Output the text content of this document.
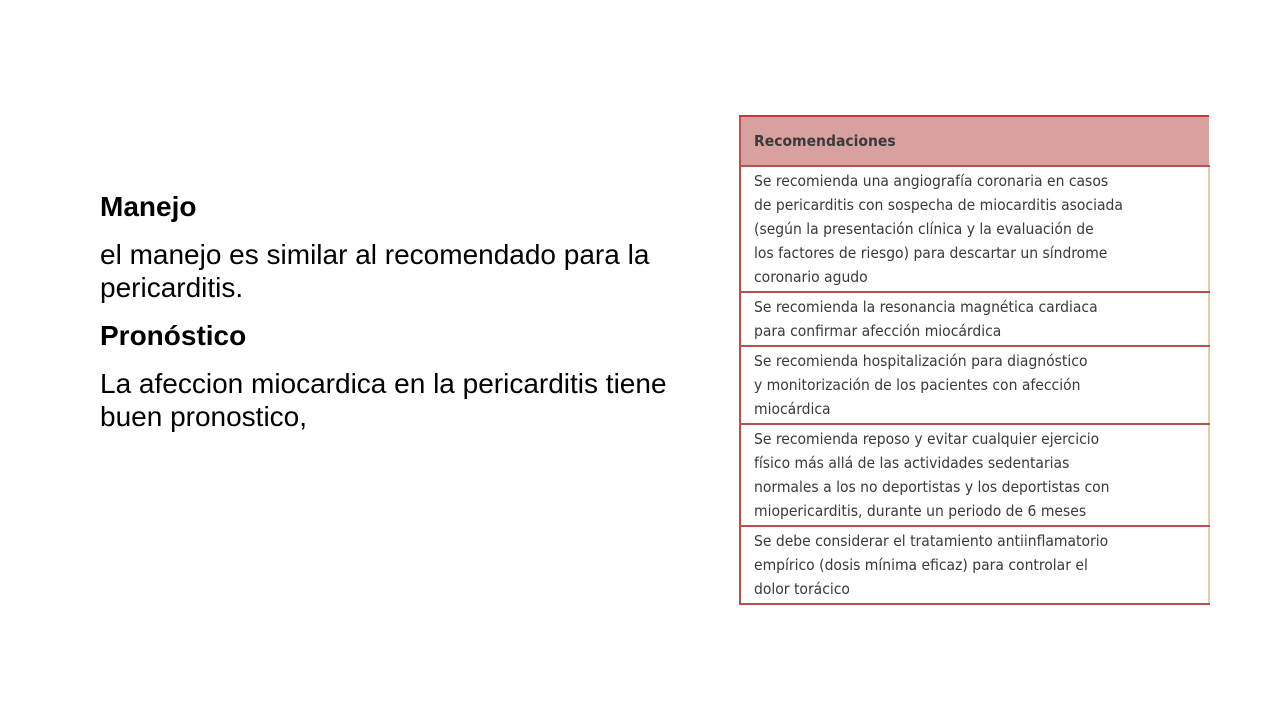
Manejo

el manejo es similar al recomendado para la pericarditis.

Pronóstico

La afeccion miocardica en la pericarditis tiene buen pronostico,

Recomendaciones
Se recomienda una angiografía coronaria en casos
de pericarditis con sospecha de miocarditis asociada
(según la presentación clínica y la evaluación de
los factores de riesgo) para descartar un síndrome
coronario agudo
Se recomienda la resonancia magnética cardiaca
para confirmar afección miocárdica
Se recomienda hospitalización para diagnóstico
y monitorización de los pacientes con afección
miocárdica
Se recomienda reposo y evitar cualquier ejercicio
físico más allá de las actividades sedentarias
normales a los no deportistas y los deportistas con
miopericarditis, durante un periodo de 6 meses
Se debe considerar el tratamiento antiinflamatorio
empírico (dosis mínima eficaz) para controlar el
dolor torácico
